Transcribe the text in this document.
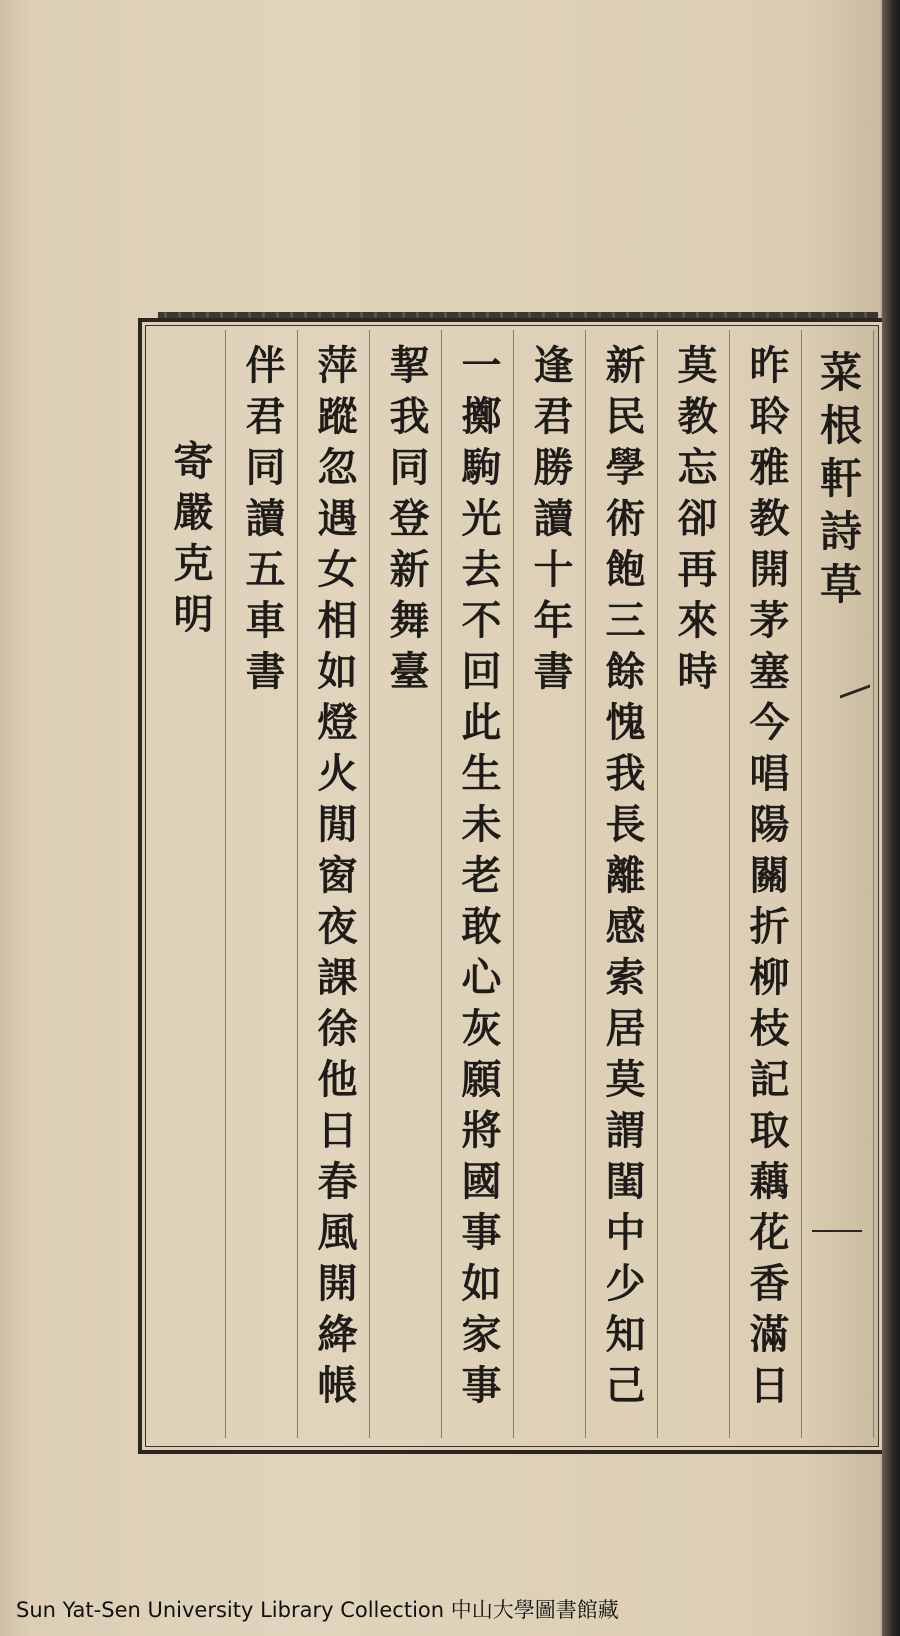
菜根軒詩草
昨聆雅教開茅塞今唱陽關折柳枝記取藕花香滿日
莫教忘卻再來時
新民學術飽三餘愧我長離感索居莫謂閨中少知己
逢君勝讀十年書
一擲駒光去不回此生未老敢心灰願將國事如家事
挈我同登新舞臺
萍蹤忽遇女相如燈火閒窗夜課徐他日春風開絳帳
伴君同讀五車書
寄嚴克明
Sun Yat-Sen University Library Collection 中山大學圖書館藏
